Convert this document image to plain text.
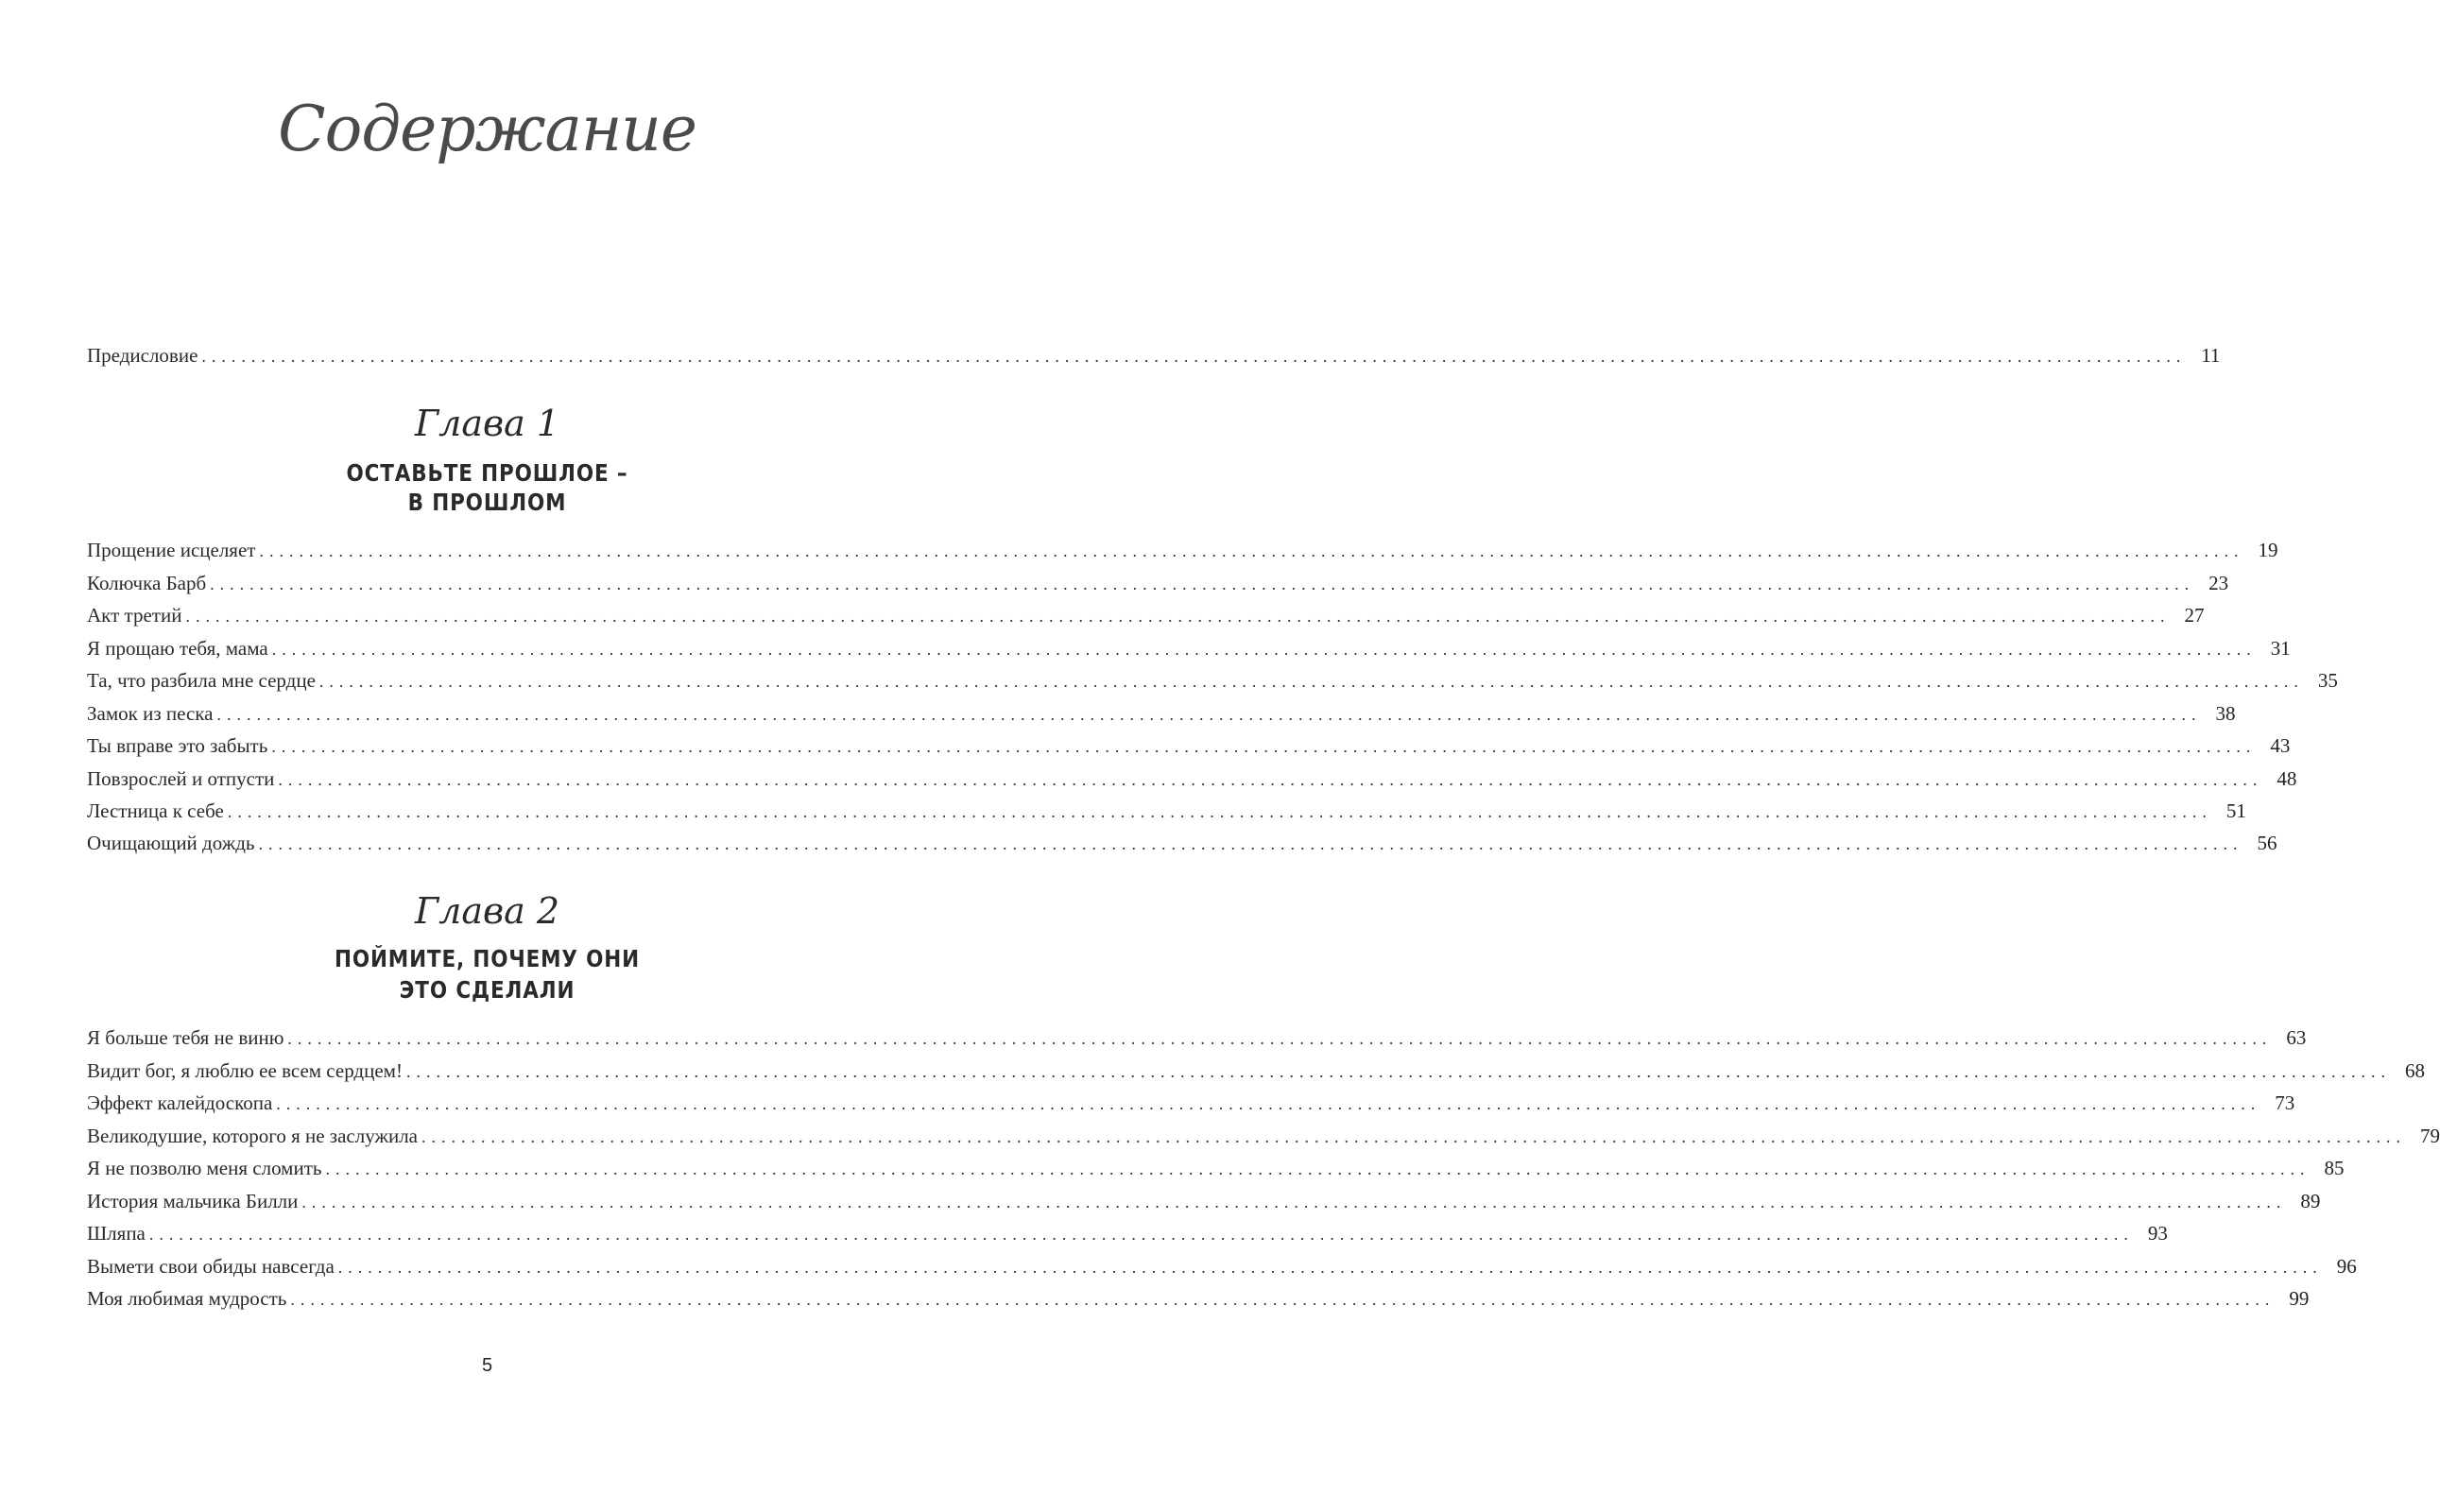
Содержание
Предисловие ........................................................................................................................................................................................................ 11
Глава 1
ОСТАВЬТЕ ПРОШЛОЕ –
В ПРОШЛОМ
Прощение исцеляет ........................................................................................................................................................................................................ 19
Колючка Барб ........................................................................................................................................................................................................ 23
Акт третий ........................................................................................................................................................................................................ 27
Я прощаю тебя, мама ........................................................................................................................................................................................................ 31
Та, что разбила мне сердце ........................................................................................................................................................................................................ 35
Замок из песка ........................................................................................................................................................................................................ 38
Ты вправе это забыть ........................................................................................................................................................................................................ 43
Повзрослей и отпусти ........................................................................................................................................................................................................ 48
Лестница к себе ........................................................................................................................................................................................................ 51
Очищающий дождь ........................................................................................................................................................................................................ 56
Глава 2
ПОЙМИТЕ, ПОЧЕМУ ОНИ
ЭТО СДЕЛАЛИ
Я больше тебя не виню ........................................................................................................................................................................................................ 63
Видит бог, я люблю ее всем сердцем! ........................................................................................................................................................................................................ 68
Эффект калейдоскопа ........................................................................................................................................................................................................ 73
Великодушие, которого я не заслужила ........................................................................................................................................................................................................ 79
Я не позволю меня сломить ........................................................................................................................................................................................................ 85
История мальчика Билли ........................................................................................................................................................................................................ 89
Шляпа ........................................................................................................................................................................................................ 93
Вымети свои обиды навсегда ........................................................................................................................................................................................................ 96
Моя любимая мудрость ........................................................................................................................................................................................................ 99
5
